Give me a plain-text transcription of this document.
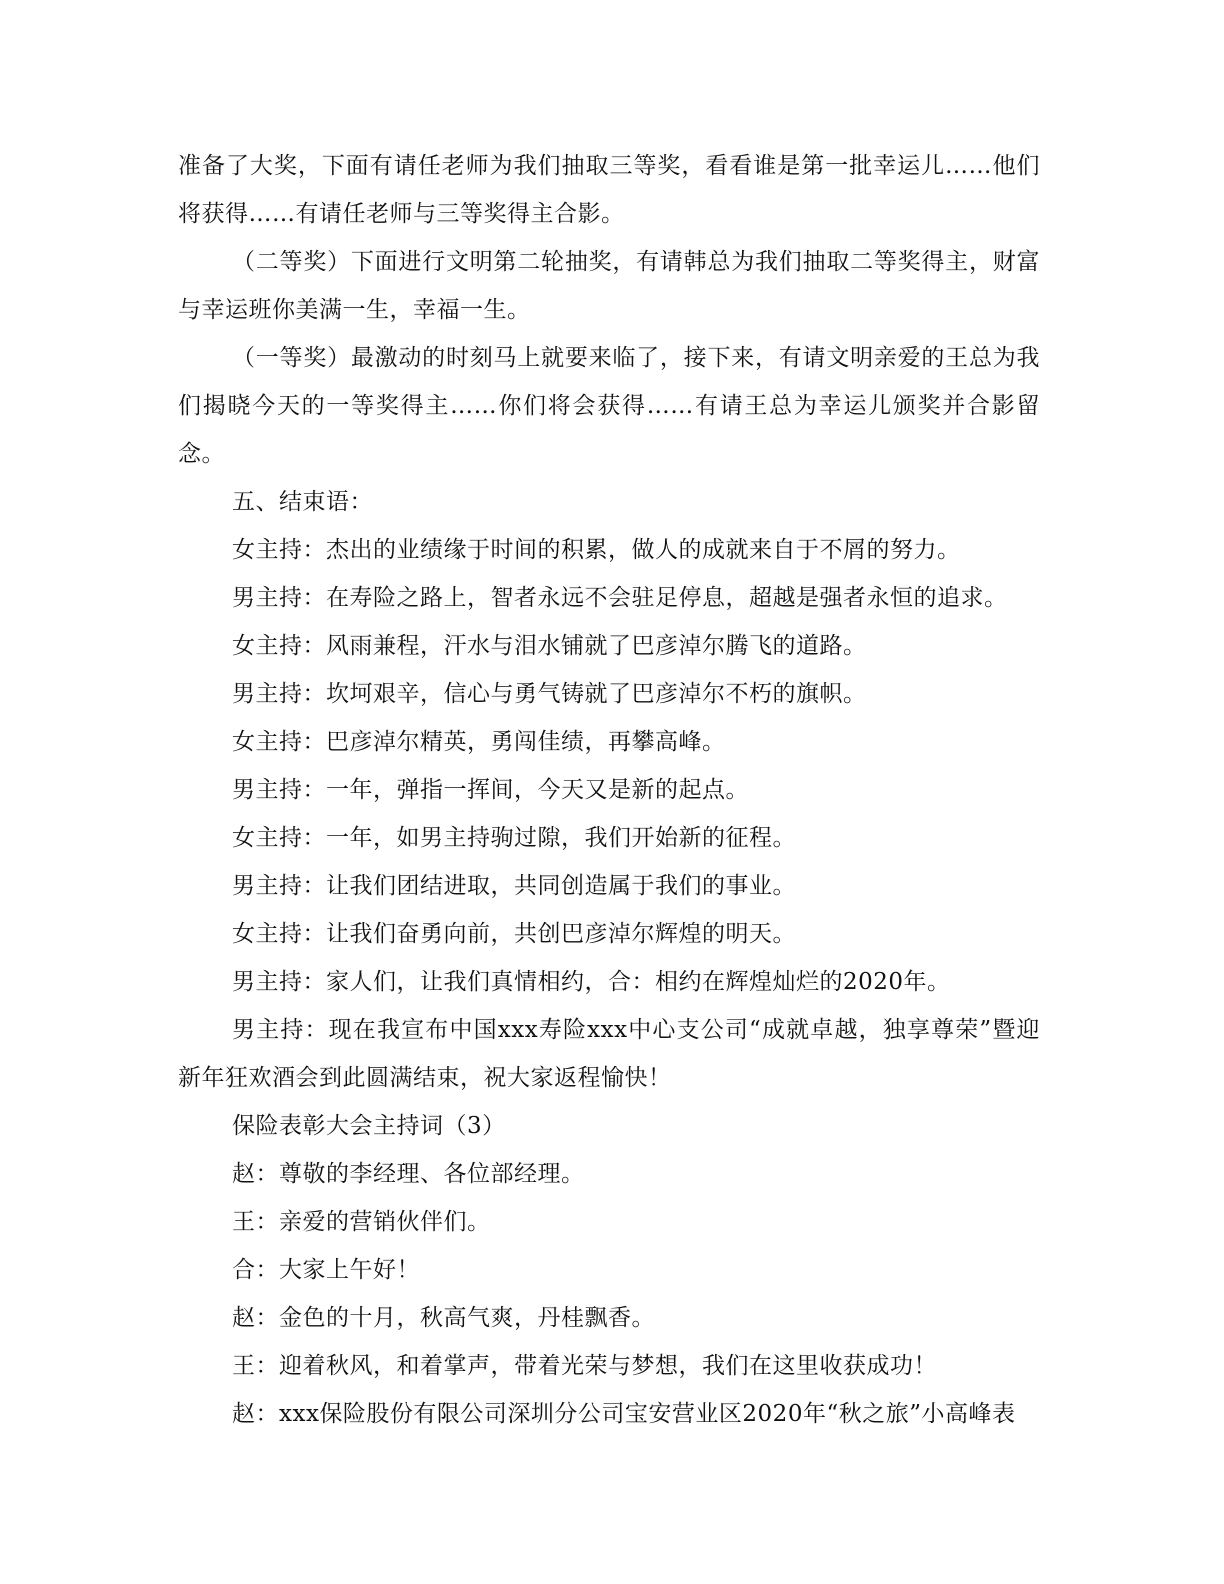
准备了大奖，下面有请任老师为我们抽取三等奖，看看谁是第一批幸运儿……他们将获得……有请任老师与三等奖得主合影。

（二等奖）下面进行文明第二轮抽奖，有请韩总为我们抽取二等奖得主，财富与幸运班你美满一生，幸福一生。

（一等奖）最激动的时刻马上就要来临了，接下来，有请文明亲爱的王总为我们揭晓今天的一等奖得主……你们将会获得……有请王总为幸运儿颁奖并合影留念。

五、结束语：

女主持：杰出的业绩缘于时间的积累，做人的成就来自于不屑的努力。

男主持：在寿险之路上，智者永远不会驻足停息，超越是强者永恒的追求。

女主持：风雨兼程，汗水与泪水铺就了巴彦淖尔腾飞的道路。

男主持：坎坷艰辛，信心与勇气铸就了巴彦淖尔不朽的旗帜。

女主持：巴彦淖尔精英，勇闯佳绩，再攀高峰。

男主持：一年，弹指一挥间，今天又是新的起点。

女主持：一年，如男主持驹过隙，我们开始新的征程。

男主持：让我们团结进取，共同创造属于我们的事业。

女主持：让我们奋勇向前，共创巴彦淖尔辉煌的明天。

男主持：家人们，让我们真情相约，合：相约在辉煌灿烂的2020年。

男主持：现在我宣布中国xxx寿险xxx中心支公司“成就卓越，独享尊荣”暨迎新年狂欢酒会到此圆满结束，祝大家返程愉快！

保险表彰大会主持词（3）

赵：尊敬的李经理、各位部经理。

王：亲爱的营销伙伴们。

合：大家上午好！

赵：金色的十月，秋高气爽，丹桂飘香。

王：迎着秋风，和着掌声，带着光荣与梦想，我们在这里收获成功！

赵：xxx保险股份有限公司深圳分公司宝安营业区2020年“秋之旅”小高峰表
